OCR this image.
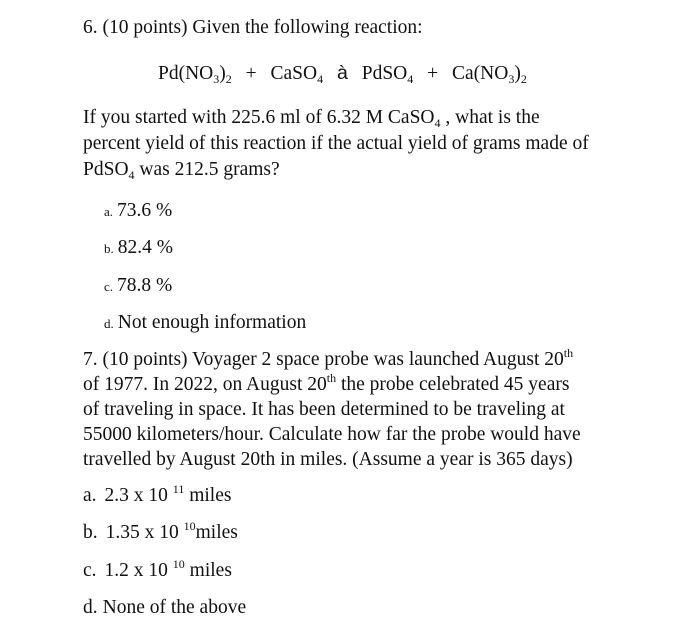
6. (10 points) Given the following reaction:
$Pd(NO_3)_2$ + CaSO$_4$ à PdSO$_4$ + $Ca(NO_3)_2$
If you started with 225.6 ml of 6.32 M CaSO$_4$ , what is the
percent yield of this reaction if the actual yield of grams made of
PdSO$_4$ was 212.5 grams?
a. 73.6 %
b. 82.4 %
c. 78.8 %
d. Not enough information
7. (10 points) Voyager 2 space probe was launched August 20th
of 1977. In 2022, on August 20th the probe celebrated 45 years
of traveling in space. It has been determined to be traveling at
55000 kilometers/hour. Calculate how far the probe would have
travelled by August 20th in miles. (Assume a year is 365 days)
a. 2.3 x 10 $^{11}$ miles
b. 1.35 x 10 $^{10}$miles
c. 1.2 x 10 $^{10}$ miles
d. None of the above
